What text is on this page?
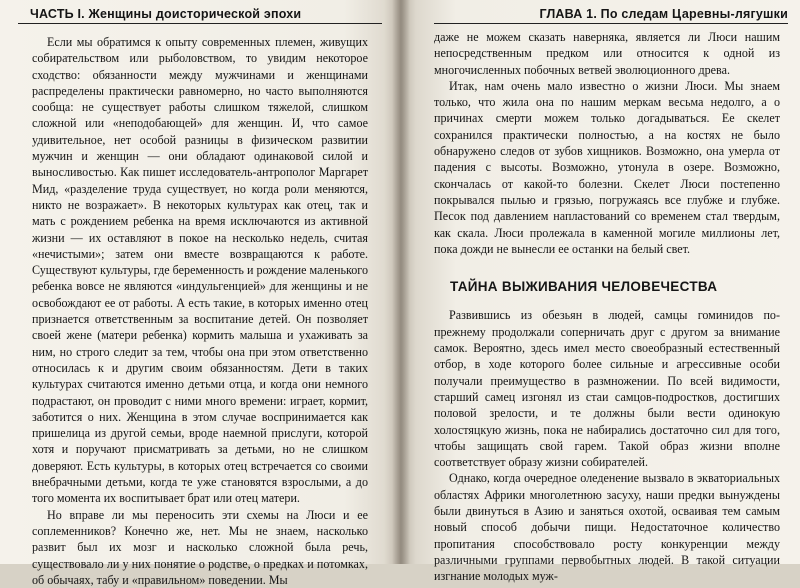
ЧАСТЬ I. Женщины доисторической эпохи

Если мы обратимся к опыту современных племен, живущих собирательством или рыболовством, то увидим некоторое сходство: обязанности между мужчинами и женщинами распределены практически равномерно, но часто выполняются сообща: не существует работы слишком тяжелой, слишком сложной или «неподобающей» для женщин. И, что самое удивительное, нет особой разницы в физическом развитии мужчин и женщин — они обладают одинаковой силой и выносливостью. Как пишет исследователь-антрополог Маргарет Мид, «разделение труда существует, но когда роли меняются, никто не возражает». В некоторых культурах как отец, так и мать с рождением ребенка на время исключаются из активной жизни — их оставляют в покое на несколько недель, считая «нечистыми»; затем они вместе возвращаются к работе. Существуют культуры, где беременность и рождение маленького ребенка вовсе не являются «индульгенцией» для женщины и не освобождают ее от работы. А есть такие, в которых именно отец признается ответственным за воспитание детей. Он позволяет своей жене (матери ребенка) кормить малыша и ухаживать за ним, но строго следит за тем, чтобы она при этом ответственно относилась к и другим своим обязанностям. Дети в таких культурах считаются именно детьми отца, и когда они немного подрастают, он проводит с ними много времени: играет, кормит, заботится о них. Женщина в этом случае воспринимается как пришелица из другой семьи, вроде наемной прислуги, которой хотя и поручают присматривать за детьми, но не слишком доверяют. Есть культуры, в которых отец встречается со своими внебрачными детьми, когда те уже становятся взрослыми, а до того момента их воспитывает брат или отец матери.

Но вправе ли мы переносить эти схемы на Люси и ее соплеменников? Конечно же, нет. Мы не знаем, насколько развит был их мозг и насколько сложной была речь, существовало ли у них понятие о родстве, о предках и потомках, об обычаях, табу и «правильном» поведении. Мы

ГЛАВА 1. По следам Царевны-лягушки

даже не можем сказать наверняка, является ли Люси нашим непосредственным предком или относится к одной из многочисленных побочных ветвей эволюционного древа.

Итак, нам очень мало известно о жизни Люси. Мы знаем только, что жила она по нашим меркам весьма недолго, а о причинах смерти можем только догадываться. Ее скелет сохранился практически полностью, а на костях не было обнаружено следов от зубов хищников. Возможно, она умерла от падения с высоты. Возможно, утонула в озере. Возможно, скончалась от какой-то болезни. Скелет Люси постепенно покрывался пылью и грязью, погружаясь все глубже и глубже. Песок под давлением напластований со временем стал твердым, как скала. Люси пролежала в каменной могиле миллионы лет, пока дожди не вынесли ее останки на белый свет.

ТАЙНА ВЫЖИВАНИЯ ЧЕЛОВЕЧЕСТВА

Развившись из обезьян в людей, самцы гоминидов по-прежнему продолжали соперничать друг с другом за внимание самок. Вероятно, здесь имел место своеобразный естественный отбор, в ходе которого более сильные и агрессивные особи получали преимущество в размножении. По всей видимости, старший самец изгонял из стаи самцов-подростков, достигших половой зрелости, и те должны были вести одинокую холостяцкую жизнь, пока не набирались достаточно сил для того, чтобы защищать свой гарем. Такой образ жизни вполне соответствует образу жизни собирателей.

Однако, когда очередное оледенение вызвало в экваториальных областях Африки многолетнюю засуху, наши предки вынуждены были двинуться в Азию и заняться охотой, осваивая тем самым новый способ добычи пищи. Недостаточное количество пропитания способствовало росту конкуренции между различными группами первобытных людей. В такой ситуации изгнание молодых муж-
